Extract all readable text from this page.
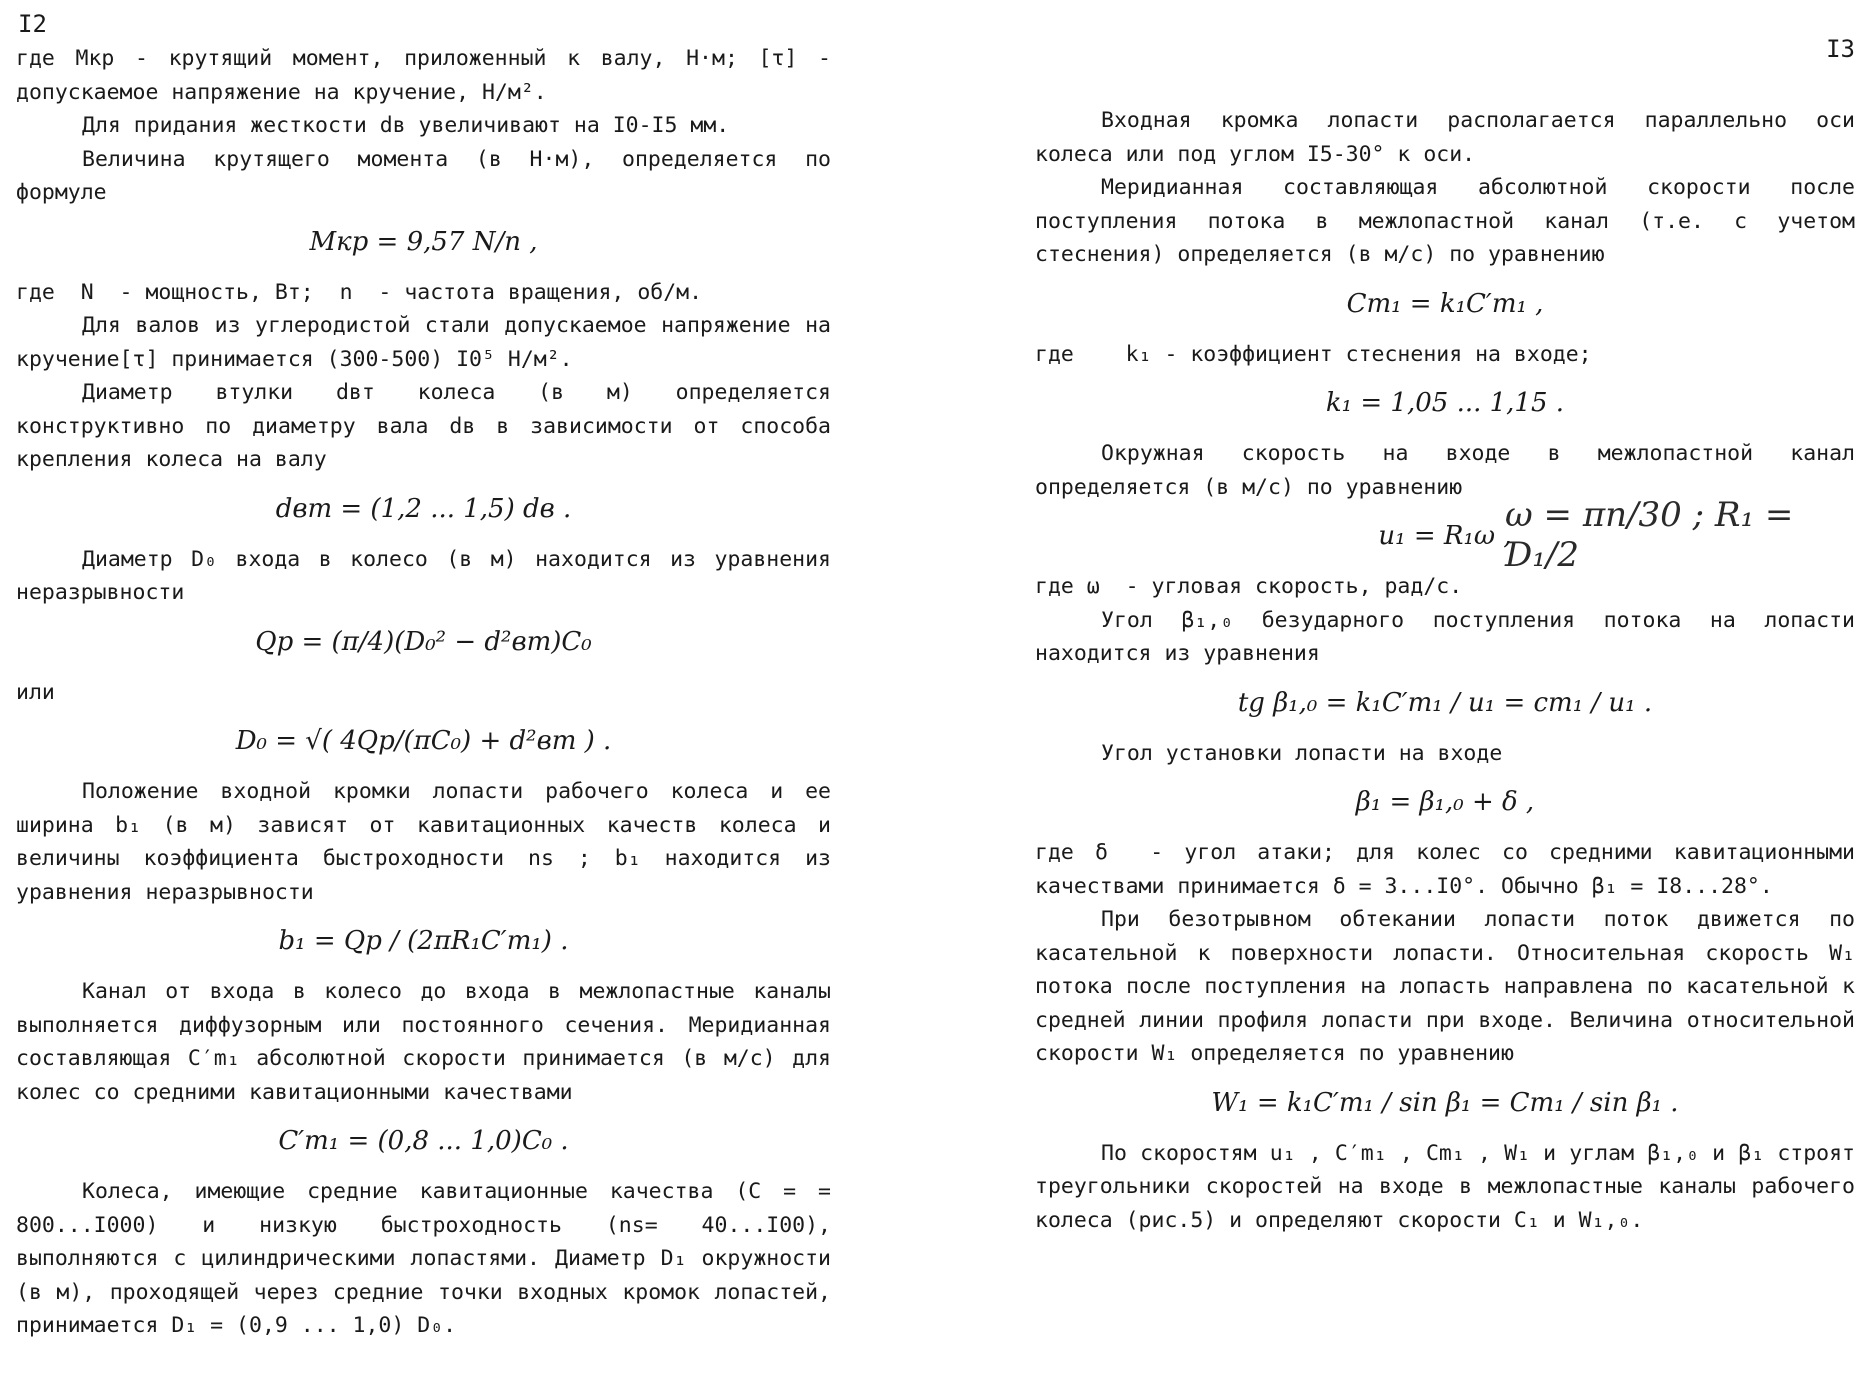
I2

где Mкр - крутящий момент, приложенный к валу, Н·м; [τ] - допускаемое напряжение на кручение, Н/м².

Для придания жесткости dв увеличивают на I0-I5 мм.

Величина крутящего момента (в Н·м), определяется по формуле

Mкр = 9,57 N/n ,

где  N  - мощность, Вт;  n  - частота вращения, об/м.

Для валов из углеродистой стали допускаемое напряжение на кручение[τ] принимается (300-500) I0⁵ Н/м².

Диаметр втулки dвт колеса (в м) определяется конструктивно по диаметру вала dв в зависимости от способа крепления колеса на валу

dвт = (1,2 ... 1,5) dв .

Диаметр D₀ входа в колесо (в м) находится из уравнения неразрывности

Qp = (π/4)(D₀² − d²вт)C₀

или

D₀ = √( 4Qp/(πC₀) + d²вт ) .

Положение входной кромки лопасти рабочего колеса и ее ширина b₁ (в м) зависят от кавитационных качеств колеса и величины коэффициента быстроходности ns ; b₁ находится из уравнения неразрывности

b₁ = Qp / (2πR₁C′m₁) .

Канал от входа в колесо до входа в межлопастные каналы выполняется диффузорным или постоянного сечения. Меридианная составляющая C′m₁ абсолютной скорости принимается (в м/с) для колес со средними кавитационными качествами

C′m₁ = (0,8 ... 1,0)C₀ .

Колеса, имеющие средние кавитационные качества (C = = 800...I000) и низкую быстроходность (ns= 40...I00), выполняются с цилиндрическими лопастями. Диаметр D₁ окружности (в м), проходящей через средние точки входных кромок лопастей, принимается D₁ = (0,9 ... 1,0) D₀.

I3

Входная кромка лопасти располагается параллельно оси колеса или под углом I5-30° к оси.

Меридианная составляющая абсолютной скорости после поступления потока в межлопастной канал (т.е. с учетом стеснения) определяется (в м/с) по уравнению

Cm₁ = k₁C′m₁ ,

где    k₁ - коэффициент стеснения на входе;

k₁ = 1,05 ... 1,15 .

Окружная скорость на входе в межлопастной канал определяется (в м/с) по уравнению

u₁ = R₁ω ,

где ω  - угловая скорость, рад/с.

Угол β₁,₀ безударного поступления потока на лопасти находится из уравнения

tg β₁,₀ = k₁C′m₁ / u₁ = cm₁ / u₁ .

Угол установки лопасти на входе

β₁ = β₁,₀ + δ ,

где δ  - угол атаки; для колес со средними кавитационными качествами принимается δ = 3...I0°. Обычно β₁ = I8...28°.

При безотрывном обтекании лопасти поток движется по касательной к поверхности лопасти. Относительная скорость W₁ потока после поступления на лопасть направлена по касательной к средней линии профиля лопасти при входе. Величина относительной скорости W₁ определяется по уравнению

W₁ = k₁C′m₁ / sin β₁ = Cm₁ / sin β₁ .

По скоростям u₁ , C′m₁ , Cm₁ , W₁ и углам β₁,₀ и β₁ строят треугольники скоростей на входе в межлопастные каналы рабочего колеса (рис.5) и определяют скорости C₁ и W₁,₀.

ω = πn/30 ; R₁ = D₁/2
